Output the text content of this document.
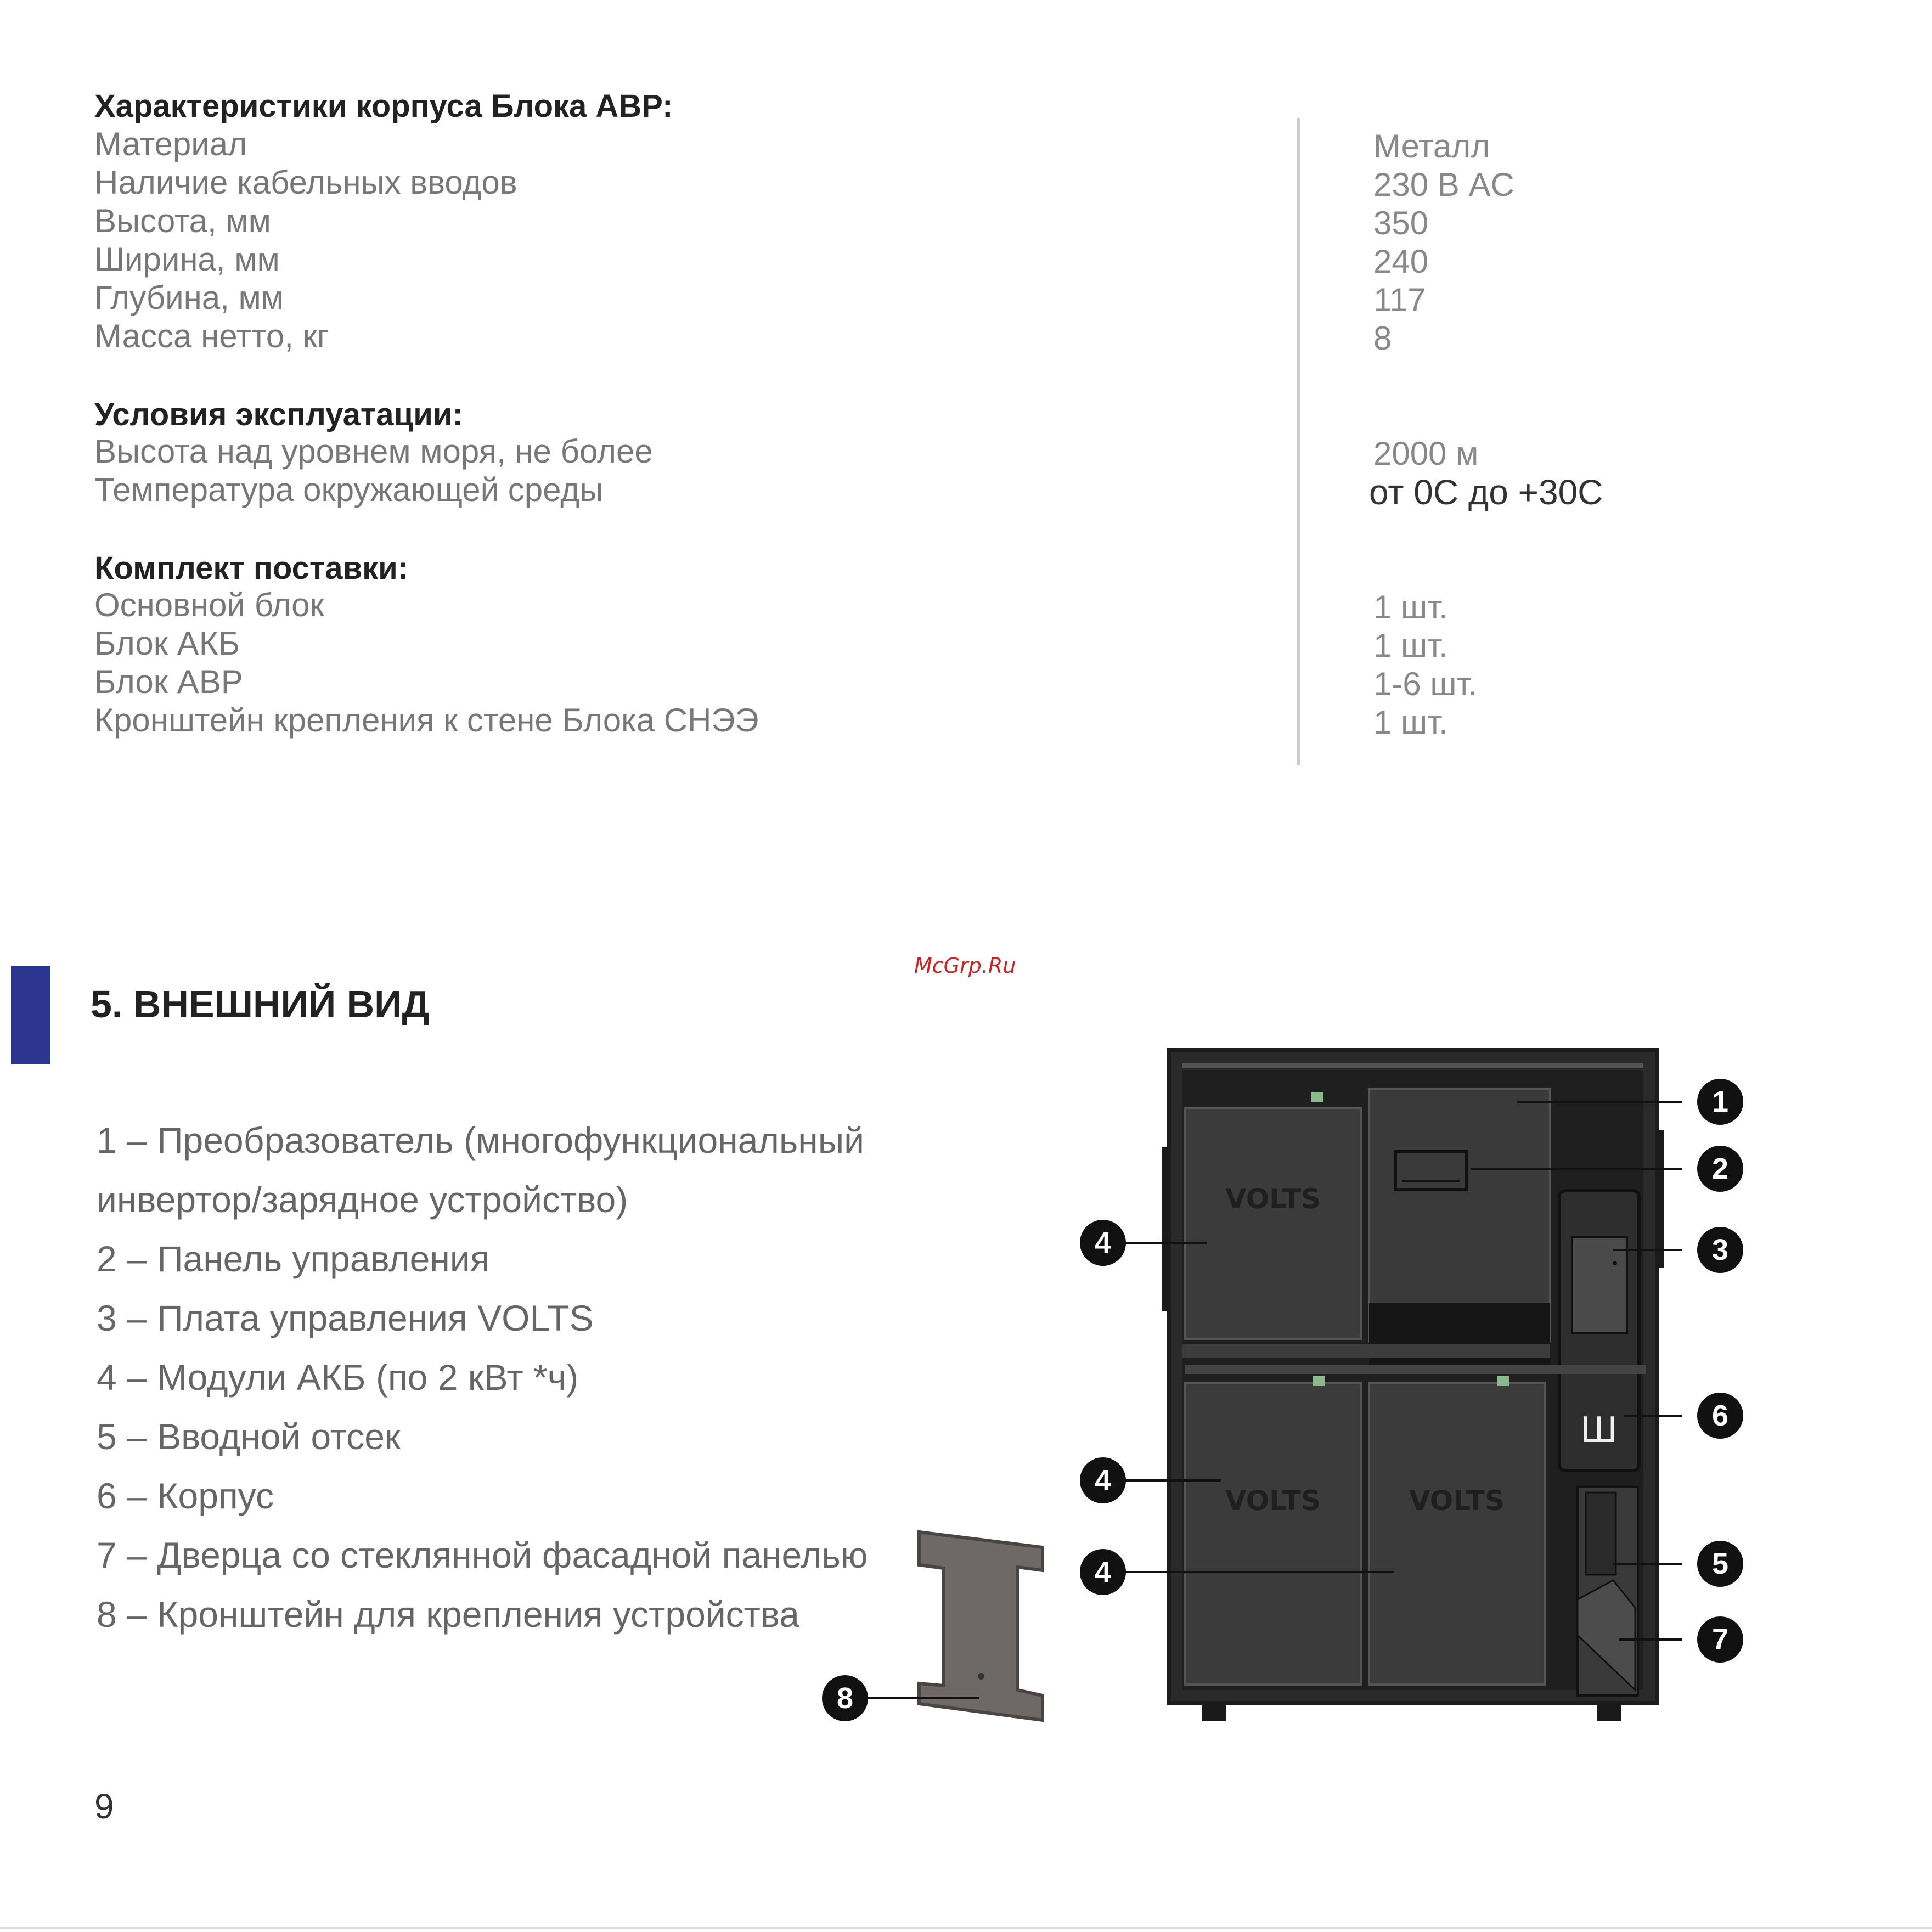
Характеристики корпуса Блока АВР:
Материал
Наличие кабельных вводов
Высота, мм
Ширина, мм
Глубина, мм
Масса нетто, кг
Металл
230 В AC
350
240
117
8
Условия эксплуатации:
Высота над уровнем моря, не более
Температура окружающей среды
2000 м
от 0С до +30С
Комплект поставки:
Основной блок
Блок АКБ
Блок АВР
Кронштейн крепления к стене Блока СНЭЭ
1 шт.
1 шт.
1-6 шт.
1 шт.
McGrp.Ru
5. ВНЕШНИЙ ВИД
1 – Преобразователь (многофункциональный
инвертор/зарядное устройство)
2 – Панель управления
3 – Плата управления VOLTS
4 – Модули АКБ (по 2 кВт *ч)
5 – Вводной отсек
6 – Корпус
7 – Дверца со стеклянной фасадной панелью
8 – Кронштейн для крепления устройства
Ш
VOLTS
VOLTS	VOLTS
1
2
3
4
4
4
6
5
7
8
9
